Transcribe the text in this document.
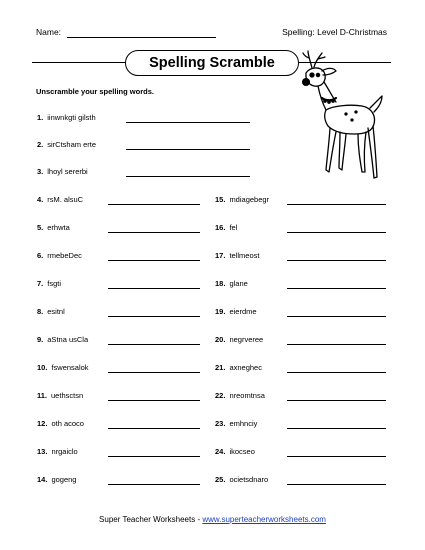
Name:	Spelling: Level D-Christmas
Spelling Scramble
Unscramble your spelling words.
1. iinwnkgti gilsth
2. sirCtsham erte
3. lhoyl sererbi
4. rsM. alsuC
5. erhwta
6. rmebeDec
7. fsgti
8. esitnl
9. aStna usCla
10. fswensalok
11. uethsctsn
12. oth acoco
13. nrgaiclo
14. gogeng
15. mdiagebegr
16. fel
17. tellmeost
18. glane
19. eierdme
20. negrveree
21. axneghec
22. nreomtnsa
23. emhnciy
24. ikocseo
25. ocietsdnaro
Super Teacher Worksheets - www.superteacherworksheets.com
